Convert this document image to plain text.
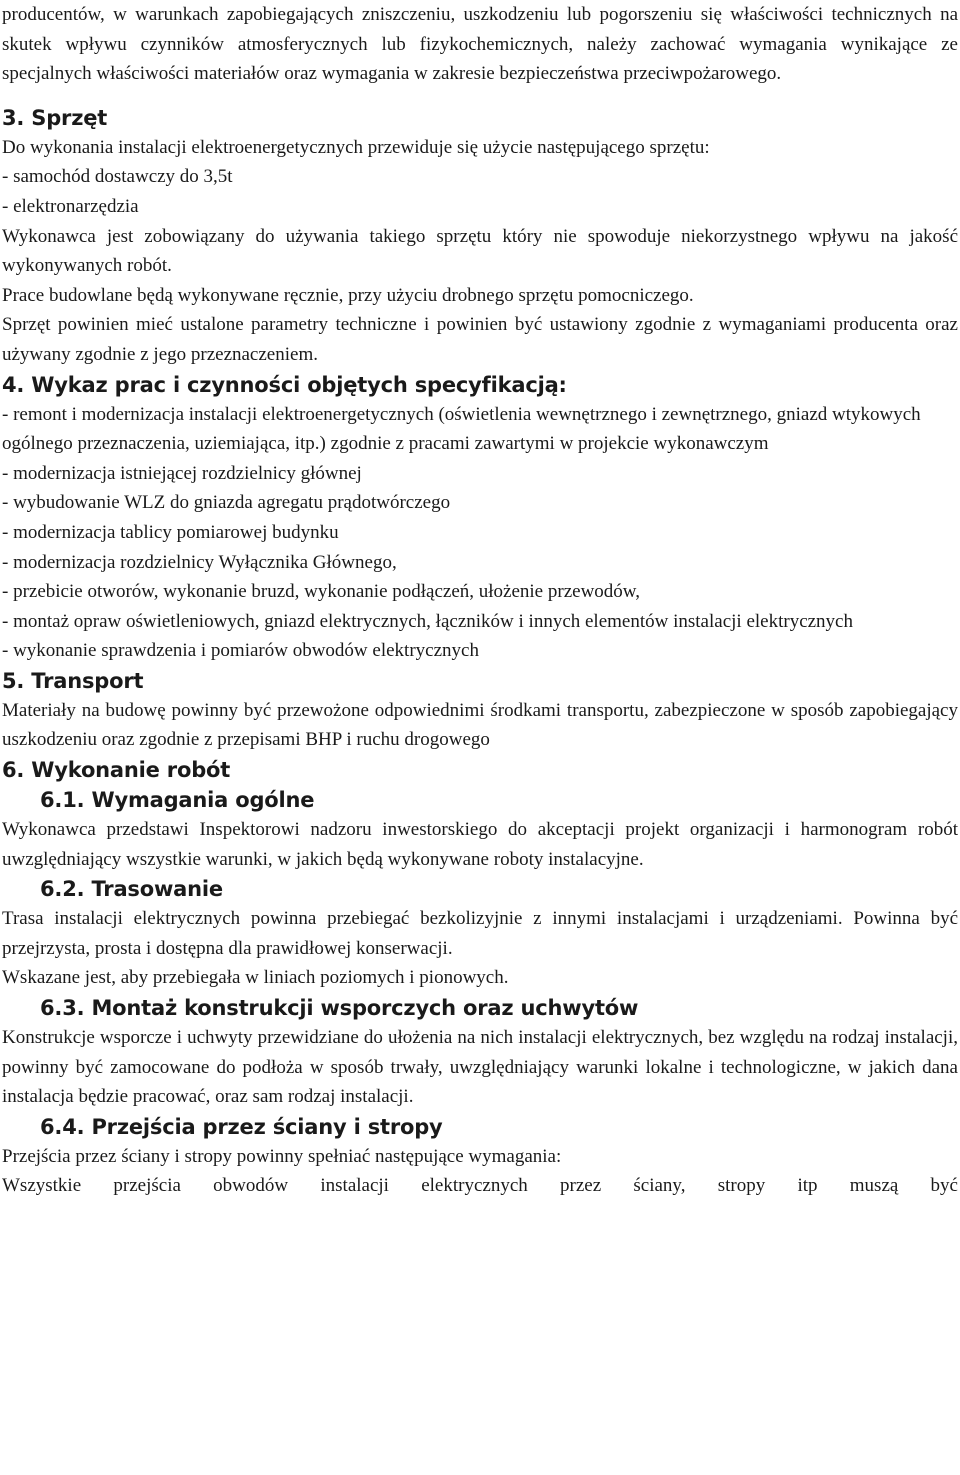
producentów, w warunkach zapobiegających zniszczeniu, uszkodzeniu lub pogorszeniu się właściwości technicznych na skutek wpływu czynników atmosferycznych lub fizykochemicznych, należy zachować wymagania wynikające ze specjalnych właściwości materiałów oraz wymagania w zakresie bezpieczeństwa przeciwpożarowego.

3. Sprzęt

Do wykonania instalacji elektroenergetycznych przewiduje się użycie następującego sprzętu:

- samochód dostawczy do 3,5t

- elektronarzędzia

Wykonawca jest zobowiązany do używania takiego sprzętu który nie spowoduje niekorzystnego wpływu na jakość wykonywanych robót.

Prace budowlane będą wykonywane ręcznie, przy użyciu drobnego sprzętu pomocniczego.

Sprzęt powinien mieć ustalone parametry techniczne i powinien być ustawiony zgodnie z wymaganiami producenta oraz używany zgodnie z jego przeznaczeniem.

4. Wykaz prac i czynności objętych specyfikacją:

- remont i modernizacja instalacji elektroenergetycznych (oświetlenia wewnętrznego i zewnętrznego, gniazd wtykowych ogólnego przeznaczenia, uziemiająca, itp.) zgodnie z pracami zawartymi w projekcie wykonawczym

- modernizacja istniejącej rozdzielnicy głównej

- wybudowanie WLZ do gniazda agregatu prądotwórczego

- modernizacja tablicy pomiarowej budynku

- modernizacja rozdzielnicy Wyłącznika Głównego,

- przebicie otworów, wykonanie bruzd, wykonanie podłączeń, ułożenie przewodów,

- montaż opraw oświetleniowych, gniazd elektrycznych, łączników i innych elementów instalacji elektrycznych

- wykonanie sprawdzenia i pomiarów obwodów elektrycznych

5. Transport

Materiały na budowę powinny być przewożone odpowiednimi środkami transportu, zabezpieczone w sposób zapobiegający uszkodzeniu oraz zgodnie z przepisami BHP i ruchu drogowego

6. Wykonanie robót
6.1. Wymagania ogólne

Wykonawca przedstawi Inspektorowi nadzoru inwestorskiego do akceptacji projekt organizacji i harmonogram robót uwzględniający wszystkie warunki, w jakich będą wykonywane roboty instalacyjne.

6.2. Trasowanie

Trasa instalacji elektrycznych powinna przebiegać bezkolizyjnie z innymi instalacjami i urządzeniami. Powinna być przejrzysta, prosta i dostępna dla prawidłowej konserwacji.

Wskazane jest, aby przebiegała w liniach poziomych i pionowych.

6.3. Montaż konstrukcji wsporczych oraz uchwytów

Konstrukcje wsporcze i uchwyty przewidziane do ułożenia na nich instalacji elektrycznych, bez względu na rodzaj instalacji, powinny być zamocowane do podłoża w sposób trwały, uwzględniający warunki lokalne i technologiczne, w jakich dana instalacja będzie pracować, oraz sam rodzaj instalacji.

6.4. Przejścia przez ściany i stropy

Przejścia przez ściany i stropy powinny spełniać następujące wymagania:

Wszystkie przejścia obwodów instalacji elektrycznych przez ściany, stropy itp muszą być
